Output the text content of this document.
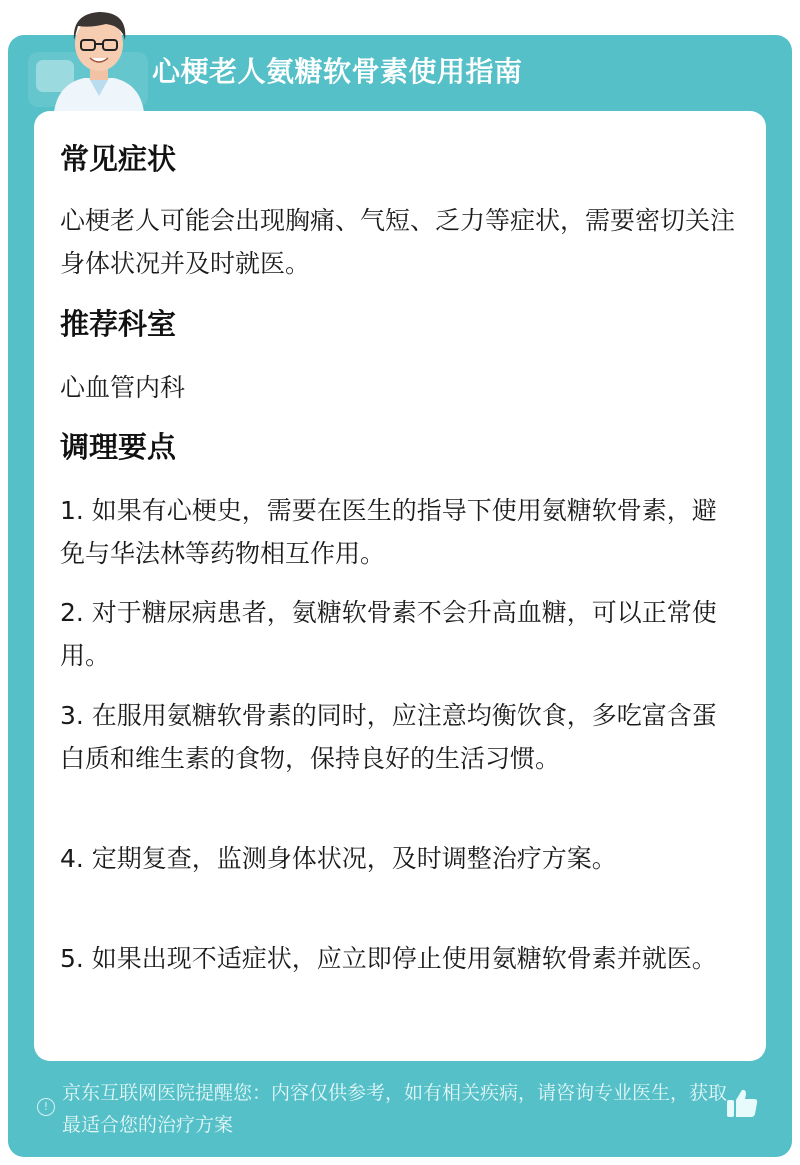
心梗老人氨糖软骨素使用指南
常见症状
心梗老人可能会出现胸痛、气短、乏力等症状，需要密切关注身体状况并及时就医。
推荐科室
心血管内科
调理要点
1. 如果有心梗史，需要在医生的指导下使用氨糖软骨素，避免与华法林等药物相互作用。
2. 对于糖尿病患者，氨糖软骨素不会升高血糖，可以正常使用。
3. 在服用氨糖软骨素的同时，应注意均衡饮食，多吃富含蛋白质和维生素的食物，保持良好的生活习惯。
4. 定期复查，监测身体状况，及时调整治疗方案。
5. 如果出现不适症状，应立即停止使用氨糖软骨素并就医。
!
京东互联网医院提醒您：内容仅供参考，如有相关疾病，请咨询专业医生，获取最适合您的治疗方案
